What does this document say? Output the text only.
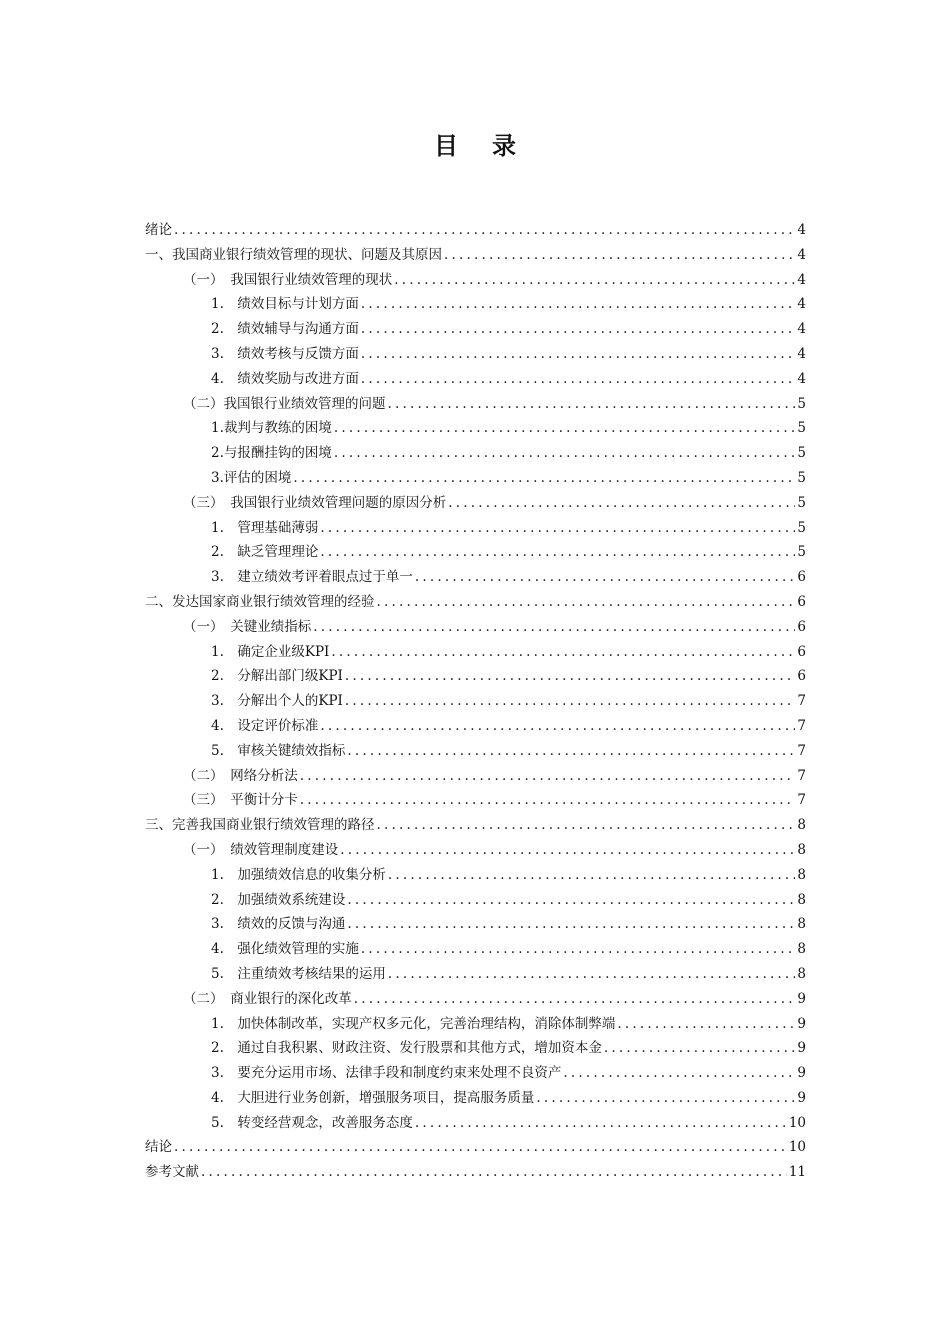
目 录
绪论 .....	4
一、我国商业银行绩效管理的现状、问题及其原因 .....	4
（一）　我国银行业绩效管理的现状 .....	4
1.　绩效目标与计划方面 .....	4
2.　绩效辅导与沟通方面 .....	4
3.　绩效考核与反馈方面 .....	4
4.　绩效奖励与改进方面 .....	4
（二）我国银行业绩效管理的问题 .....	5
1.裁判与教练的困境 .....	5
2.与报酬挂钩的困境 .....	5
3.评估的困境 .....	5
（三）　我国银行业绩效管理问题的原因分析 .....	5
1.　管理基础薄弱 .....	5
2.　缺乏管理理论 .....	5
3.　建立绩效考评着眼点过于单一 .....	6
二、发达国家商业银行绩效管理的经验 .....	6
（一）　关键业绩指标 .....	6
1.　确定企业级KPI .....	6
2.　分解出部门级KPI .....	6
3.　分解出个人的KPI .....	7
4.　设定评价标准 .....	7
5.　审核关键绩效指标 .....	7
（二）　网络分析法 .....	7
（三）　平衡计分卡 .....	7
三、完善我国商业银行绩效管理的路径 .....	8
（一）　绩效管理制度建设 .....	8
1.　加强绩效信息的收集分析 .....	8
2.　加强绩效系统建设 .....	8
3.　绩效的反馈与沟通 .....	8
4.　强化绩效管理的实施 .....	8
5.　注重绩效考核结果的运用 .....	8
（二）　商业银行的深化改革 .....	9
1.　加快体制改革，实现产权多元化，完善治理结构，消除体制弊端 .....	9
2.　通过自我积累、财政注资、发行股票和其他方式，增加资本金 .....	9
3.　要充分运用市场、法律手段和制度约束来处理不良资产 .....	9
4.　大胆进行业务创新，增强服务项目，提高服务质量 .....	9
5.　转变经营观念，改善服务态度 .....	10
结论 .....	10
参考文献 .....	11
